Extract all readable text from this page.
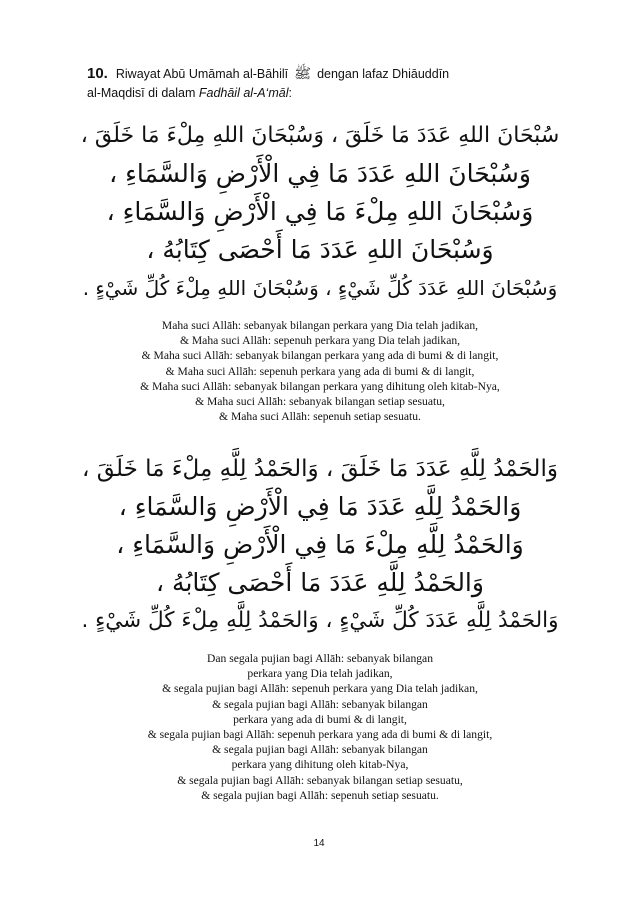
10. Riwayat Abū Umāmah al-Bāhilī ﷺ dengan lafaz Dhiāuddīn
al-Maqdisī di dalam Fadhāil al-A‘māl:

سُبْحَانَ اللهِ عَدَدَ مَا خَلَقَ ، وَسُبْحَانَ اللهِ مِلْءَ مَا خَلَقَ ،

وَسُبْحَانَ اللهِ عَدَدَ مَا فِي الْأَرْضِ وَالسَّمَاءِ ،

وَسُبْحَانَ اللهِ مِلْءَ مَا فِي الْأَرْضِ وَالسَّمَاءِ ،

وَسُبْحَانَ اللهِ عَدَدَ مَا أَحْصَى كِتَابُهُ ،

وَسُبْحَانَ اللهِ عَدَدَ كُلِّ شَيْءٍ ، وَسُبْحَانَ اللهِ مِلْءَ كُلِّ شَيْءٍ .

Maha suci Allāh: sebanyak bilangan perkara yang Dia telah jadikan,

& Maha suci Allāh: sepenuh perkara yang Dia telah jadikan,

& Maha suci Allāh: sebanyak bilangan perkara yang ada di bumi & di langit,

& Maha suci Allāh: sepenuh perkara yang ada di bumi & di langit,

& Maha suci Allāh: sebanyak bilangan perkara yang dihitung oleh kitab-Nya,

& Maha suci Allāh: sebanyak bilangan setiap sesuatu,

& Maha suci Allāh: sepenuh setiap sesuatu.

وَالحَمْدُ لِلَّهِ عَدَدَ مَا خَلَقَ ، وَالحَمْدُ لِلَّهِ مِلْءَ مَا خَلَقَ ،

وَالحَمْدُ لِلَّهِ عَدَدَ مَا فِي الْأَرْضِ وَالسَّمَاءِ ،

وَالحَمْدُ لِلَّهِ مِلْءَ مَا فِي الْأَرْضِ وَالسَّمَاءِ ،

وَالحَمْدُ لِلَّهِ عَدَدَ مَا أَحْصَى كِتَابُهُ ،

وَالحَمْدُ لِلَّهِ عَدَدَ كُلِّ شَيْءٍ ، وَالحَمْدُ لِلَّهِ مِلْءَ كُلِّ شَيْءٍ .

Dan segala pujian bagi Allāh: sebanyak bilangan

perkara yang Dia telah jadikan,

& segala pujian bagi Allāh: sepenuh perkara yang Dia telah jadikan,

& segala pujian bagi Allāh: sebanyak bilangan

perkara yang ada di bumi & di langit,

& segala pujian bagi Allāh: sepenuh perkara yang ada di bumi & di langit,

& segala pujian bagi Allāh: sebanyak bilangan

perkara yang dihitung oleh kitab-Nya,

& segala pujian bagi Allāh: sebanyak bilangan setiap sesuatu,

& segala pujian bagi Allāh: sepenuh setiap sesuatu.

14
